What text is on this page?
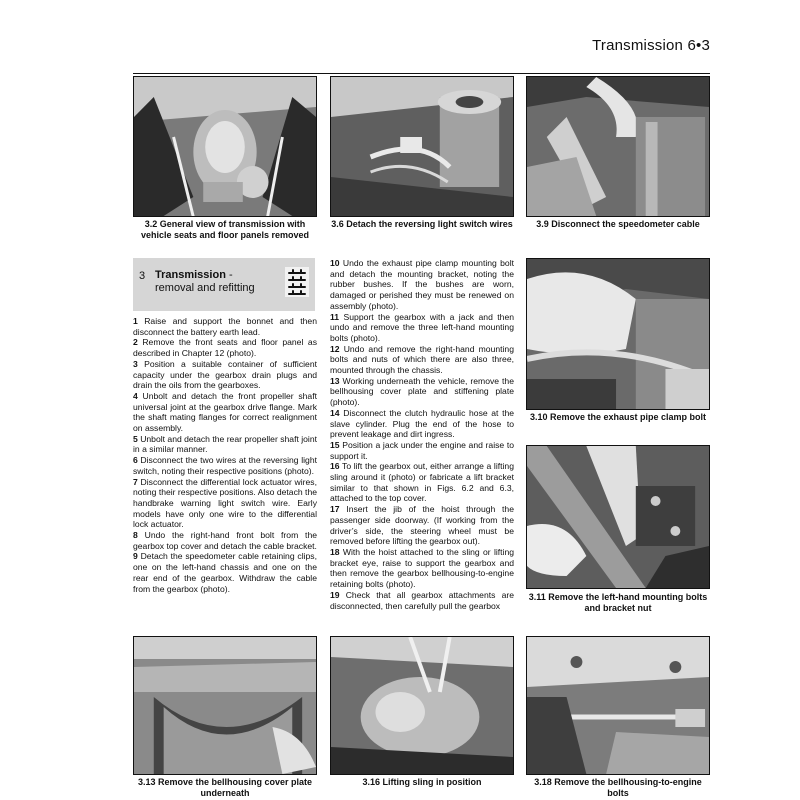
Transmission 6•3
3.2 General view of transmission with vehicle seats and floor panels removed
3.6 Detach the reversing light switch wires	3.9 Disconnect the speedometer cable
3 Transmission -
removal and refitting

1 Raise and support the bonnet and then disconnect the battery earth lead.

2 Remove the front seats and floor panel as described in Chapter 12 (photo).

3 Position a suitable container of sufficient capacity under the gearbox drain plugs and drain the oils from the gearboxes.

4 Unbolt and detach the front propeller shaft universal joint at the gearbox drive flange. Mark the shaft mating flanges for correct realignment on assembly.

5 Unbolt and detach the rear propeller shaft joint in a similar manner.

6 Disconnect the two wires at the reversing light switch, noting their respective positions (photo).

7 Disconnect the differential lock actuator wires, noting their respective positions. Also detach the handbrake warning light switch wire. Early models have only one wire to the differential lock actuator.

8 Undo the right-hand front bolt from the gearbox top cover and detach the cable bracket.

9 Detach the speedometer cable retaining clips, one on the left-hand chassis and one on the rear end of the gearbox. Withdraw the cable from the gearbox (photo).

10 Undo the exhaust pipe clamp mounting bolt and detach the mounting bracket, noting the rubber bushes. If the bushes are worn, damaged or perished they must be renewed on assembly (photo).

11 Support the gearbox with a jack and then undo and remove the three left-hand mounting bolts (photo).

12 Undo and remove the right-hand mounting bolts and nuts of which there are also three, mounted through the chassis.

13 Working underneath the vehicle, remove the bellhousing cover plate and stiffening plate (photo).

14 Disconnect the clutch hydraulic hose at the slave cylinder. Plug the end of the hose to prevent leakage and dirt ingress.

15 Position a jack under the engine and raise to support it.

16 To lift the gearbox out, either arrange a lifting sling around it (photo) or fabricate a lift bracket similar to that shown in Figs. 6.2 and 6.3, attached to the top cover.

17 Insert the jib of the hoist through the passenger side doorway. (If working from the driver’s side, the steering wheel must be removed before lifting the gearbox out).

18 With the hoist attached to the sling or lifting bracket eye, raise to support the gearbox and then remove the gearbox bellhousing-to-engine retaining bolts (photo).

19 Check that all gearbox attachments are disconnected, then carefully pull the gearbox

3.10 Remove the exhaust pipe clamp bolt
3.11 Remove the left-hand mounting bolts and bracket nut
3.13 Remove the bellhousing cover plate underneath
3.16 Lifting sling in position	3.18 Remove the bellhousing-to-engine bolts
